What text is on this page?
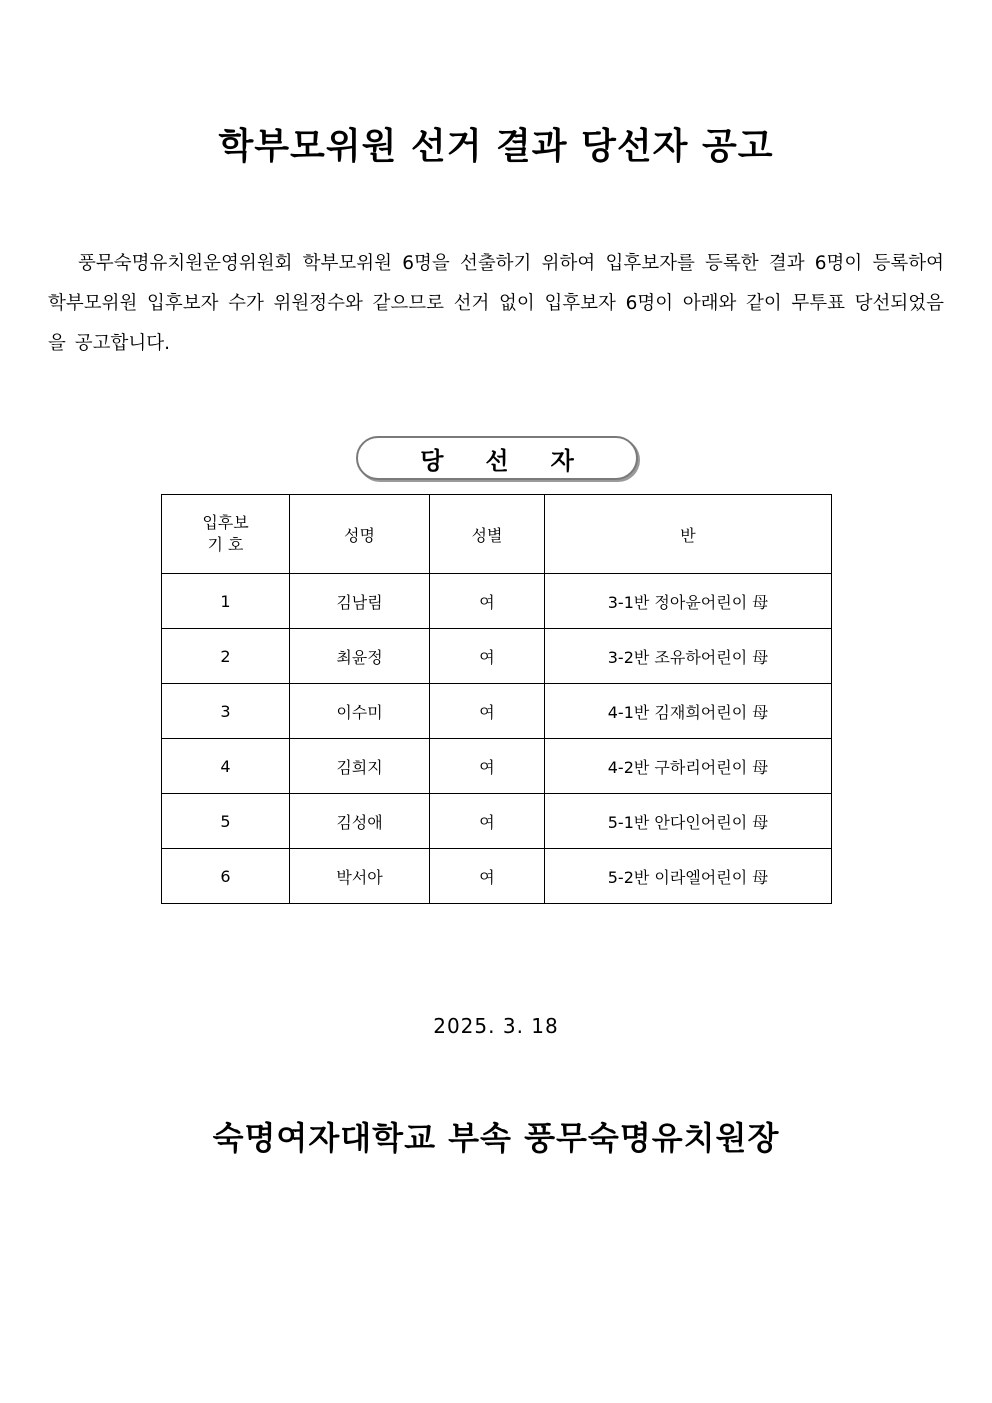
학부모위원 선거 결과 당선자 공고

풍무숙명유치원운영위원회 학부모위원 6명을 선출하기 위하여 입후보자를 등록한 결과 6명이 등록하여 학부모위원 입후보자 수가 위원정수와 같으므로 선거 없이 입후보자 6명이 아래와 같이 무투표 당선되었음을 공고합니다.

당선자
입후보
기 호	성명	성별	반
1	김남림	여	3-1반 정아윤어린이 母
2	최윤정	여	3-2반 조유하어린이 母
3	이수미	여	4-1반 김재희어린이 母
4	김희지	여	4-2반 구하리어린이 母
5	김성애	여	5-1반 안다인어린이 母
6	박서아	여	5-2반 이라엘어린이 母

2025. 3. 18

숙명여자대학교 부속 풍무숙명유치원장
